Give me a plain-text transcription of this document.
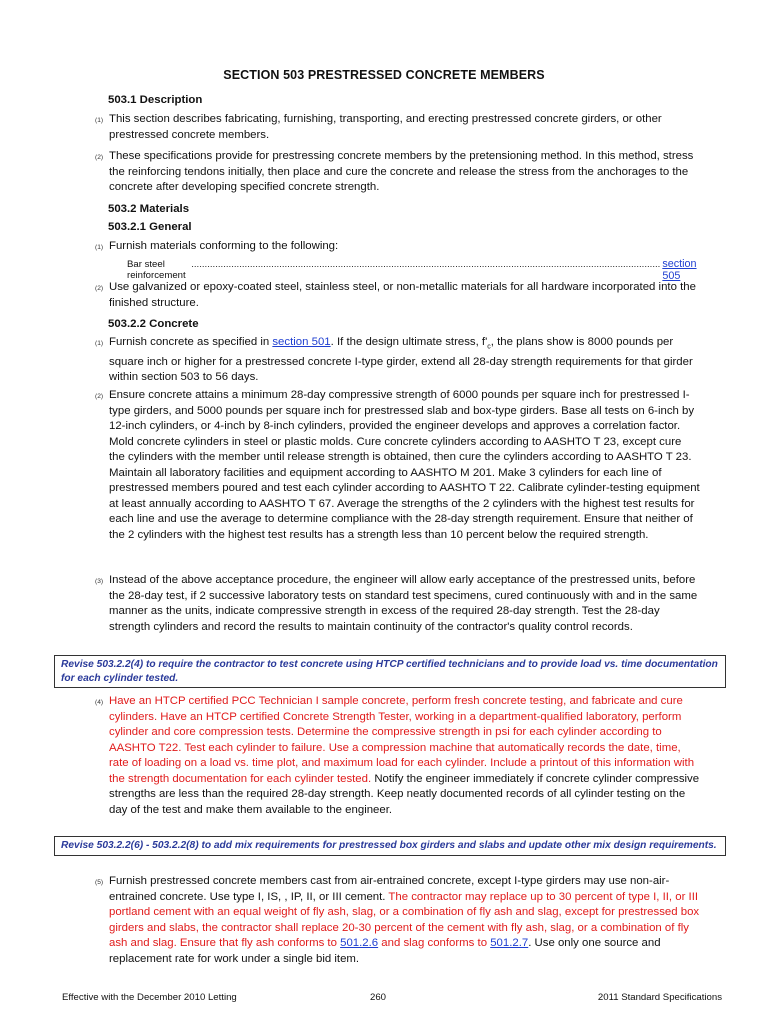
SECTION 503 PRESTRESSED CONCRETE MEMBERS
503.1 Description
(1) This section describes fabricating, furnishing, transporting, and erecting prestressed concrete girders, or other prestressed concrete members.
(2) These specifications provide for prestressing concrete members by the pretensioning method. In this method, stress the reinforcing tendons initially, then place and cure the concrete and release the stress from the anchorages to the concrete after developing specified concrete strength.
503.2 Materials
503.2.1 General
(1) Furnish materials conforming to the following:
Bar steel reinforcement
................................................................................................................................................................................ section 505
(2) Use galvanized or epoxy-coated steel, stainless steel, or non-metallic materials for all hardware incorporated into the finished structure.
503.2.2 Concrete
(1) Furnish concrete as specified in section 501. If the design ultimate stress, $f'_c$, the plans show is 8000 pounds per square inch or higher for a prestressed concrete I-type girder, extend all 28-day strength requirements for that girder within section 503 to 56 days.
(2) Ensure concrete attains a minimum 28-day compressive strength of 6000 pounds per square inch for prestressed I-type girders, and 5000 pounds per square inch for prestressed slab and box-type girders. Base all tests on 6-inch by 12-inch cylinders, or 4-inch by 8-inch cylinders, provided the engineer develops and approves a correlation factor. Mold concrete cylinders in steel or plastic molds. Cure concrete cylinders according to AASHTO T 23, except cure the cylinders with the member until release strength is obtained, then cure the cylinders according to AASHTO T 23. Maintain all laboratory facilities and equipment according to AASHTO M 201. Make 3 cylinders for each line of prestressed members poured and test each cylinder according to AASHTO T 22. Calibrate cylinder-testing equipment at least annually according to AASHTO T 67. Average the strengths of the 2 cylinders with the highest test results for each line and use the average to determine compliance with the 28-day strength requirement. Ensure that neither of the 2 cylinders with the highest test results has a strength less than 10 percent below the required strength.
(3) Instead of the above acceptance procedure, the engineer will allow early acceptance of the prestressed units, before the 28-day test, if 2 successive laboratory tests on standard test specimens, cured continuously with and in the same manner as the units, indicate compressive strength in excess of the required 28-day strength. Test the 28-day strength cylinders and record the results to maintain continuity of the contractor's quality control records.
Revise 503.2.2(4) to require the contractor to test concrete using HTCP certified technicians and to provide load vs. time documentation for each cylinder tested.
(4) Have an HTCP certified PCC Technician I sample concrete, perform fresh concrete testing, and fabricate and cure cylinders. Have an HTCP certified Concrete Strength Tester, working in a department-qualified laboratory, perform cylinder and core compression tests. Determine the compressive strength in psi for each cylinder according to AASHTO T22. Test each cylinder to failure. Use a compression machine that automatically records the date, time, rate of loading on a load vs. time plot, and maximum load for each cylinder. Include a printout of this information with the strength documentation for each cylinder tested. Notify the engineer immediately if concrete cylinder compressive strengths are less than the required 28-day strength. Keep neatly documented records of all cylinder testing on the day of the test and make them available to the engineer.
Revise 503.2.2(6) - 503.2.2(8) to add mix requirements for prestressed box girders and slabs and update other mix design requirements.
(5) Furnish prestressed concrete members cast from air-entrained concrete, except I-type girders may use non-air-entrained concrete. Use type I, IS, , IP, II, or III cement. The contractor may replace up to 30 percent of type I, II, or III portland cement with an equal weight of fly ash, slag, or a combination of fly ash and slag, except for prestressed box girders and slabs, the contractor shall replace 20-30 percent of the cement with fly ash, slag, or a combination of fly ash and slag. Ensure that fly ash conforms to 501.2.6 and slag conforms to 501.2.7. Use only one source and replacement rate for work under a single bid item.
Effective with the December 2010 Letting	260	2011 Standard Specifications
